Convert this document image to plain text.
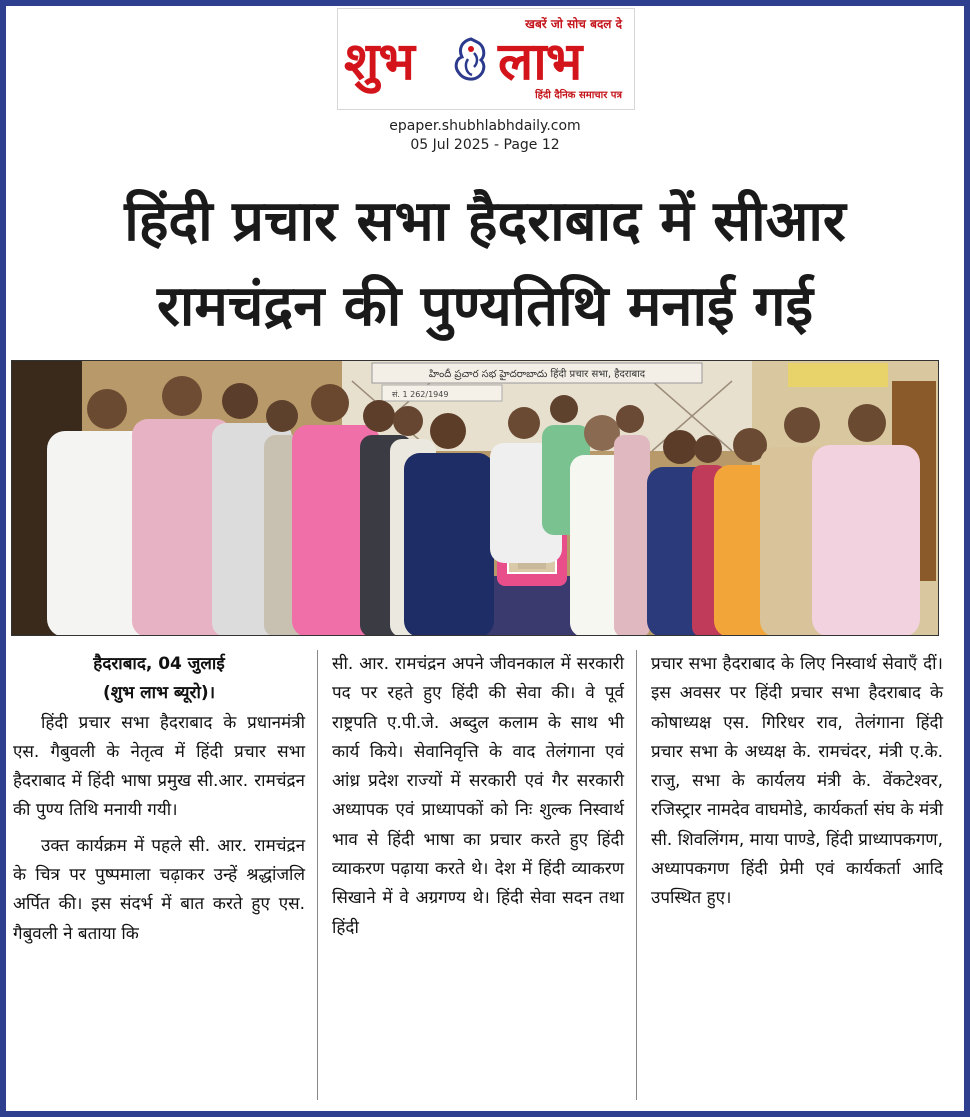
खबरें जो सोच बदल दे
शुभ लाभ
हिंदी दैनिक समाचार पत्र
epaper.shubhlabhdaily.com
05 Jul 2025 - Page 12
हिंदी प्रचार सभा हैदराबाद में सीआर
रामचंद्रन की पुण्यतिथि मनाई गई
హిందీ ప్రచార సభ హైదరాబాదు हिंदी प्रचार सभा, हैदराबाद
सं. 1 262/1949
हैदराबाद, 04 जुलाई
(शुभ लाभ ब्यूरो)।

हिंदी प्रचार सभा हैदराबाद के प्रधानमंत्री एस. गैबुवली के नेतृत्व में हिंदी प्रचार सभा हैदराबाद में हिंदी भाषा प्रमुख सी.आर. रामचंद्रन की पुण्य तिथि मनायी गयी।

उक्त कार्यक्रम में पहले सी. आर. रामचंद्रन के चित्र पर पुष्पमाला चढ़ाकर उन्हें श्रद्धांजलि अर्पित की। इस संदर्भ में बात करते हुए एस. गैबुवली ने बताया कि

सी. आर. रामचंद्रन अपने जीवनकाल में सरकारी पद पर रहते हुए हिंदी की सेवा की। वे पूर्व राष्ट्रपति ए.पी.जे. अब्दुल कलाम के साथ भी कार्य किये। सेवानिवृत्ति के वाद तेलंगाना एवं आंध्र प्रदेश राज्यों में सरकारी एवं गैर सरकारी अध्यापक एवं प्राध्यापकों को निः शुल्क निस्वार्थ भाव से हिंदी भाषा का प्रचार करते हुए हिंदी व्याकरण पढ़ाया करते थे। देश में हिंदी व्याकरण सिखाने में वे अग्रगण्य थे। हिंदी सेवा सदन तथा हिंदी

प्रचार सभा हैदराबाद के लिए निस्वार्थ सेवाएँ दीं। इस अवसर पर हिंदी प्रचार सभा हैदराबाद के कोषाध्यक्ष एस. गिरिधर राव, तेलंगाना हिंदी प्रचार सभा के अध्यक्ष के. रामचंदर, मंत्री ए.के. राजु, सभा के कार्यलय मंत्री के. वेंकटेश्वर, रजिस्ट्रार नामदेव वाघमोडे, कार्यकर्ता संघ के मंत्री सी. शिवलिंगम, माया पाण्डे, हिंदी प्राध्यापकगण, अध्यापकगण हिंदी प्रेमी एवं कार्यकर्ता आदि उपस्थित हुए।
